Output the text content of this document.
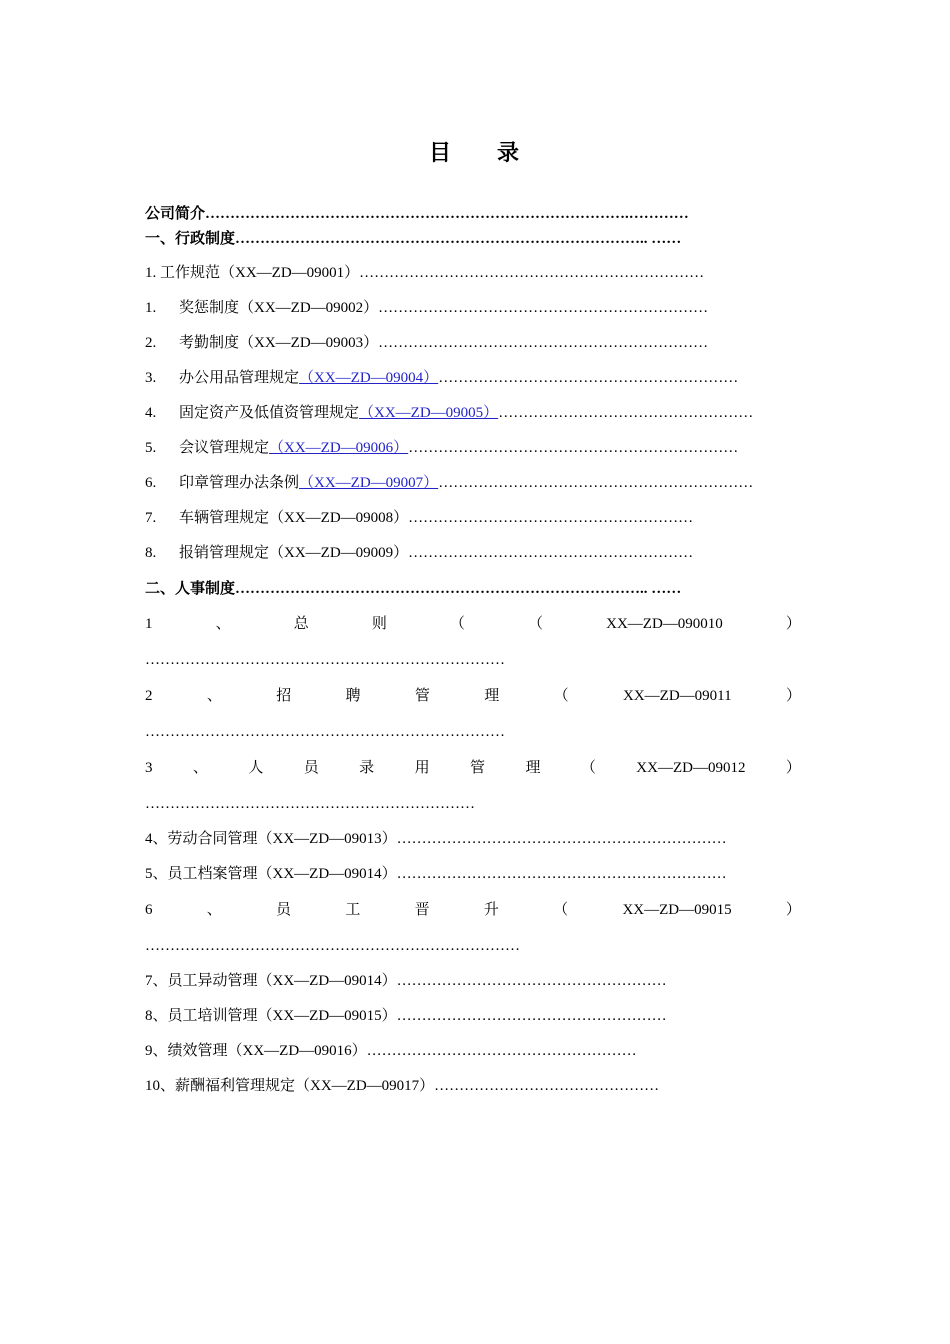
目 录
公司简介………………………………………………………………………….…………
一、行政制度……………………………………………………………………….. ……
1. 工作规范（XX—ZD—09001）……………………………………………………………
1. 奖惩制度（XX—ZD—09002）…………………………………………………………
2. 考勤制度（XX—ZD—09003）…………………………………………………………
3. 办公用品管理规定（XX—ZD—09004）……………………………………………………
4. 固定资产及低值资管理规定（XX—ZD—09005）……………………………………………
5. 会议管理规定（XX—ZD—09006）…………………………………………………………
6. 印章管理办法条例（XX—ZD—09007）………………………………………………………
7. 车辆管理规定（XX—ZD—09008）…………………………………………………
8. 报销管理规定（XX—ZD—09009）…………………………………………………
二、人事制度……………………………………………………………………….. ……
1	、	总	则	（	（	XX—ZD—090010	）
………………………………………………………………
2	、	招	聘	管	理	（	XX—ZD—09011	）
………………………………………………………………
3	、	人	员	录	用	管	理	（	XX—ZD—09012	）
…………………………………………………………
4、劳动合同管理（XX—ZD—09013）…………………………………………………………
5、员工档案管理（XX—ZD—09014）…………………………………………………………
6	、	员	工	晋	升	（	XX—ZD—09015	）
…………………………………………………………………
7、员工异动管理（XX—ZD—09014）………………………………………………
8、员工培训管理（XX—ZD—09015）………………………………………………
9、绩效管理（XX—ZD—09016）………………………………………………
10、薪酬福利管理规定（XX—ZD—09017）………………………………………
